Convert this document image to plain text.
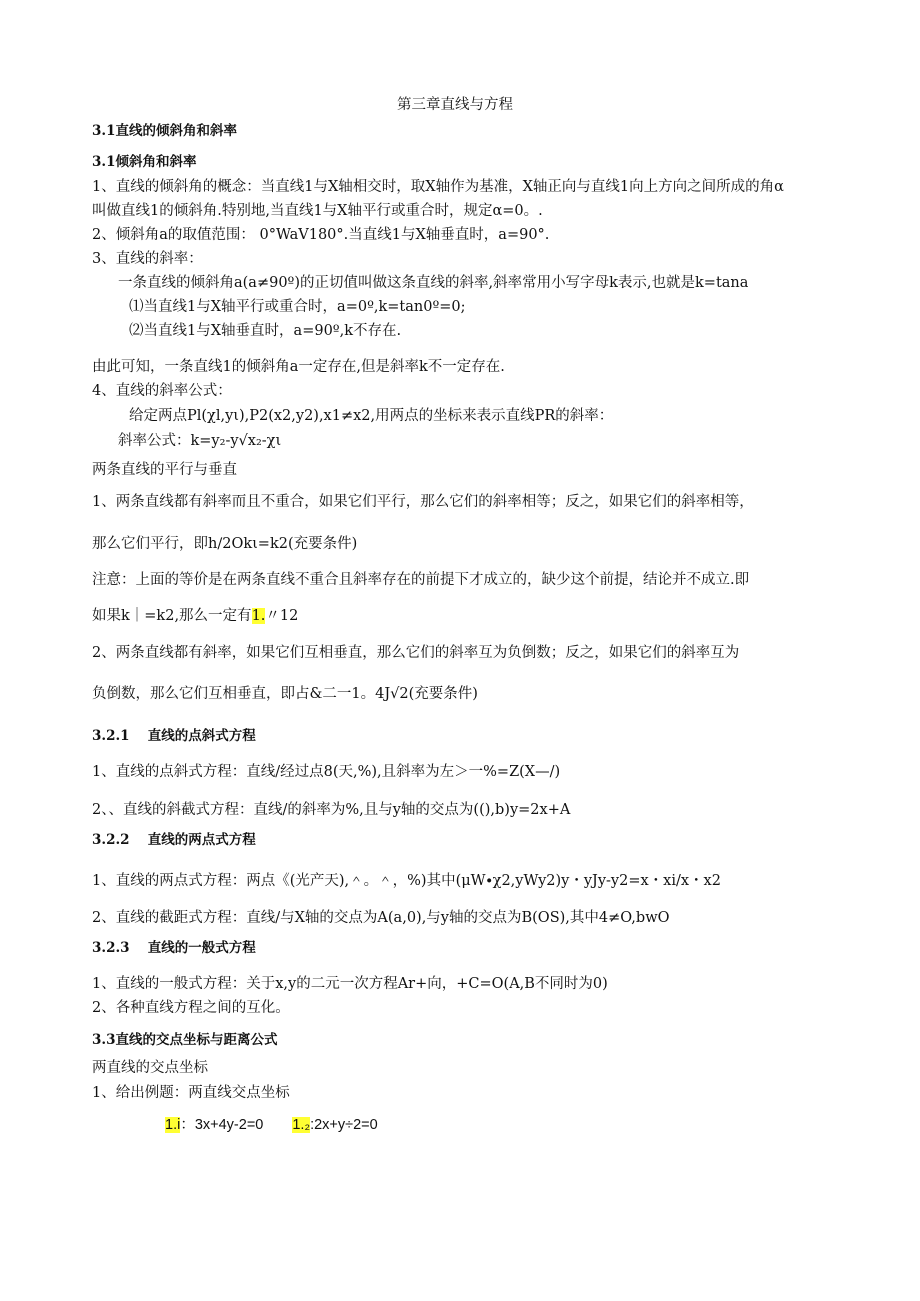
第三章直线与方程
3.1直线的倾斜角和斜率
3.1倾斜角和斜率
1、直线的倾斜角的概念：当直线1与X轴相交时，取X轴作为基准，X轴正向与直线1向上方向之间所成的角α
叫做直线1的倾斜角.特别地,当直线1与X轴平行或重合时，规定α=0。.
2、倾斜角a的取值范围： 0°WaV180°.当直线1与X轴垂直时，a=90°.
3、直线的斜率：
一条直线的倾斜角a(a≠90º)的正切值叫做这条直线的斜率,斜率常用小写字母k表示,也就是k=tana
⑴当直线1与X轴平行或重合时，a=0º,k=tan0º=0;
⑵当直线1与X轴垂直时，a=90º,k不存在.
由此可知，一条直线1的倾斜角a一定存在,但是斜率k不一定存在.
4、直线的斜率公式：
给定两点Pl(χl,yι),P2(x2,y2),x1≠x2,用两点的坐标来表示直线PR的斜率：
斜率公式：k=y₂-y√x₂-χι
两条直线的平行与垂直
1、两条直线都有斜率而且不重合，如果它们平行，那么它们的斜率相等；反之，如果它们的斜率相等，
那么它们平行，即h∕2Okι=k2(充要条件)
注意：上面的等价是在两条直线不重合且斜率存在的前提下才成立的，缺少这个前提，结论并不成立.即
如果k｜=k2,那么一定有1.〃12
2、两条直线都有斜率，如果它们互相垂直，那么它们的斜率互为负倒数；反之，如果它们的斜率互为
负倒数，那么它们互相垂直，即占&二一1。4J√2(充要条件)
3.2.1　 直线的点斜式方程
1、直线的点斜式方程：直线/经过点8(天,%),且斜率为左＞一%=Z(X—/)
2、、直线的斜截式方程：直线/的斜率为%,且与y轴的交点为((),b)y=2x+A
3.2.2　 直线的两点式方程
1、直线的两点式方程：两点《(光产天),＾。＾，%)其中(μW∙χ2,yWy2)y・yJy-y2=x・xi/x・x2
2、直线的截距式方程：直线/与X轴的交点为A(a,0),与y轴的交点为B(OS),其中4≠O,bwO
3.2.3　 直线的一般式方程
1、直线的一般式方程：关于x,y的二元一次方程Ar+向，+C=O(A,B不同时为0)
2、各种直线方程之间的互化。
3.3直线的交点坐标与距离公式
两直线的交点坐标
1、给出例题：两直线交点坐标
1.i：3x+4y-2=0　　1.₂:2x+y÷2=0
